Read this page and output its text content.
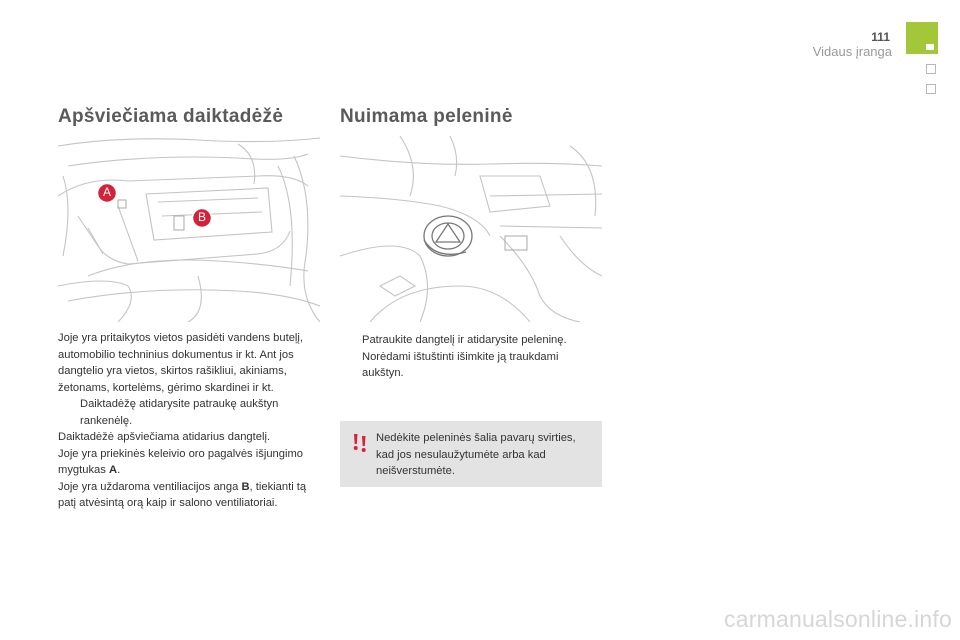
111
Vidaus įranga
Apšviečiama daiktadėžė
A
B

Joje yra pritaikytos vietos pasidėti vandens buteļį, automobilio techninius dokumentus ir kt. Ant jos dangtelio yra vietos, skirtos rašikliui, akiniams, žetonams, kortelėms, gėrimo skardinei ir kt.

Daiktadėžę atidarysite patraukę aukštyn rankenėlę.

Daiktadėžė apšviečiama atidarius dangtelį.

Joje yra priekinės keleivio oro pagalvės išjungimo mygtukas A.

Joje yra uždaroma ventiliacijos anga B, tiekianti tą patį atvėsintą orą kaip ir salono ventiliatoriai.

Nuimama peleninė
Patraukite dangtelį ir atidarysite peleninę.
Norėdami ištuštinti išimkite ją traukdami aukštyn.
Nedėkite peleninės šalia pavarų svirties, kad jos nesulaužytumėte arba kad neišverstumėte.
carmanualsonline.info
